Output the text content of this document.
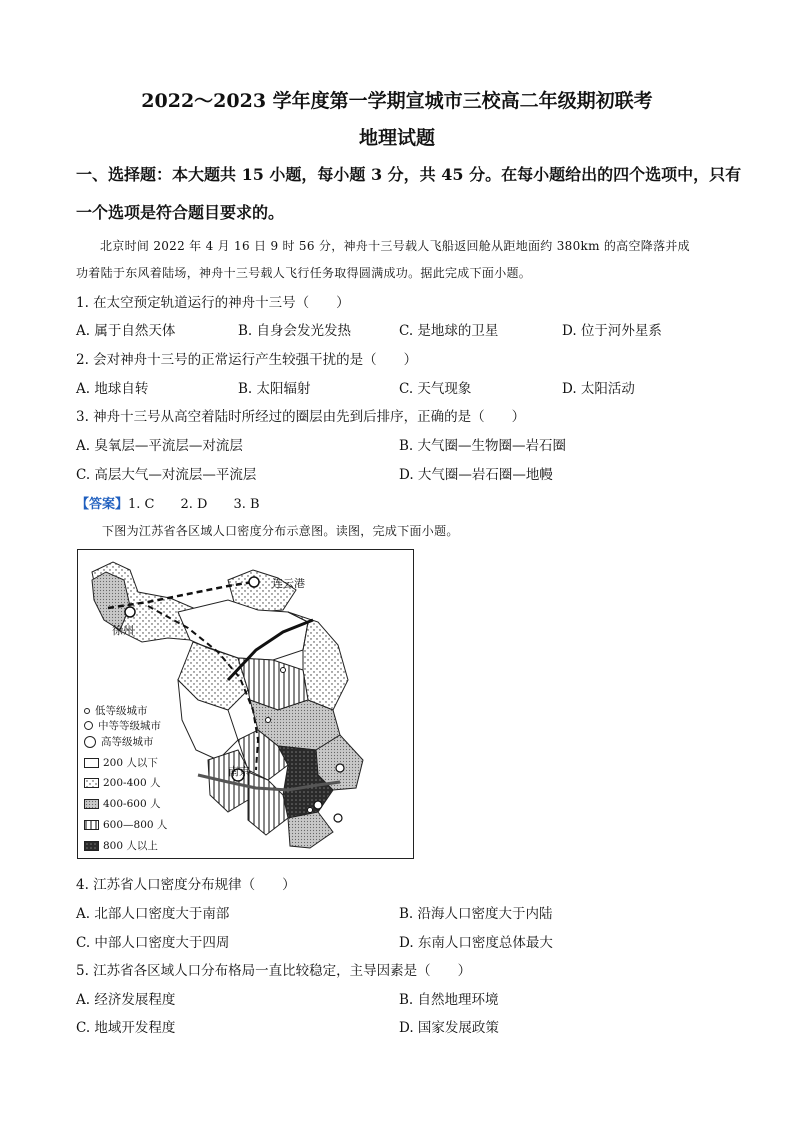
2022～2023 学年度第一学期宣城市三校高二年级期初联考
地理试题
一、选择题：本大题共 15 小题，每小题 3 分，共 45 分。在每小题给出的四个选项中，只有
一个选项是符合题目要求的。
北京时间 2022 年 4 月 16 日 9 时 56 分，神舟十三号载人飞船返回舱从距地面约 380km 的高空降落并成
功着陆于东风着陆场，神舟十三号载人飞行任务取得圆满成功。据此完成下面小题。
1. 在太空预定轨道运行的神舟十三号（　　）
A. 属于自然天体	B. 自身会发光发热	C. 是地球的卫星	D. 位于河外星系
2. 会对神舟十三号的正常运行产生较强干扰的是（　　）
A. 地球自转	B. 太阳辐射	C. 天气现象	D. 太阳活动
3. 神舟十三号从高空着陆时所经过的圈层由先到后排序，正确的是（　　）
A. 臭氧层—平流层—对流层	B. 大气圈—生物圈—岩石圈
C. 高层大气—对流层—平流层	D. 大气圈—岩石圈—地幔
【答案】1. C　　2. D　　3. B
下图为江苏省各区域人口密度分布示意图。读图，完成下面小题。
连云港
徐州
南京
低等级城市
中等等级城市
高等级城市
200 人以下
200-400 人
400-600 人
600—800 人
800 人以上
4. 江苏省人口密度分布规律（　　）
A. 北部人口密度大于南部	B. 沿海人口密度大于内陆
C. 中部人口密度大于四周	D. 东南人口密度总体最大
5. 江苏省各区域人口分布格局一直比较稳定，主导因素是（　　）
A. 经济发展程度	B. 自然地理环境
C. 地域开发程度	D. 国家发展政策
